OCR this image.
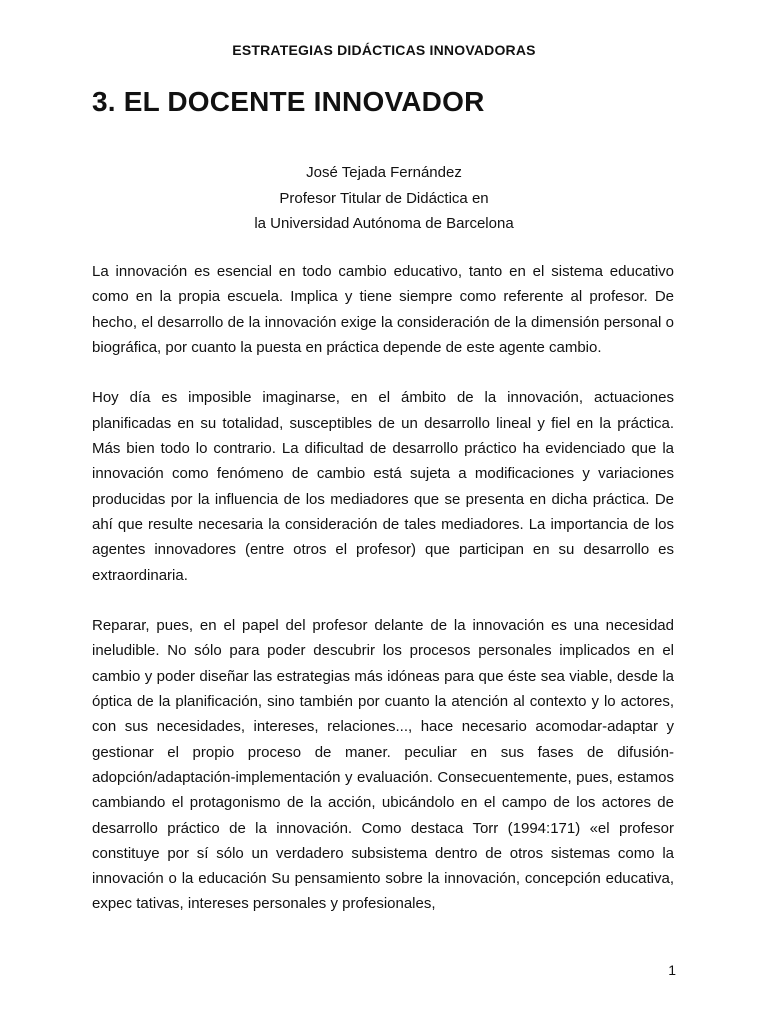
ESTRATEGIAS DIDÁCTICAS INNOVADORAS
3. EL DOCENTE INNOVADOR
José Tejada Fernández
Profesor Titular de Didáctica en
la Universidad Autónoma de Barcelona

La innovación es esencial en todo cambio educativo, tanto en el sistema educativo como en la propia escuela. Implica y tiene siempre como referente al profesor. De hecho, el desarrollo de la innovación exige la consideración de la dimensión personal o biográfica, por cuanto la puesta en práctica depende de este agente cambio.

Hoy día es imposible imaginarse, en el ámbito de la innovación, actuaciones planificadas en su totalidad, susceptibles de un desarrollo lineal y fiel en la práctica. Más bien todo lo contrario. La dificultad de desarrollo práctico ha evidenciado que la innovación como fenómeno de cambio está sujeta a modificaciones y variaciones producidas por la influencia de los mediadores que se presenta en dicha práctica. De ahí que resulte necesaria la consideración de tales mediadores. La importancia de los agentes innovadores (entre otros el profesor) que participan en su desarrollo es extraordinaria.

Reparar, pues, en el papel del profesor delante de la innovación es una necesidad ineludible. No sólo para poder descubrir los procesos personales implicados en el cambio y poder diseñar las estrategias más idóneas para que éste sea viable, desde la óptica de la planificación, sino también por cuanto la atención al contexto y lo actores, con sus necesidades, intereses, relaciones..., hace necesario acomodar-adaptar y gestionar el propio proceso de maner. peculiar en sus fases de difusión-adopción/adaptación-implementación y evaluación. Consecuentemente, pues, estamos cambiando el protagonismo de la acción, ubicándolo en el campo de los actores de desarrollo práctico de la innovación. Como destaca Torr (1994:171) «el profesor constituye por sí sólo un verdadero subsistema dentro de otros sistemas como la innovación o la educación Su pensamiento sobre la innovación, concepción educativa, expec tativas, intereses personales y profesionales,

1
